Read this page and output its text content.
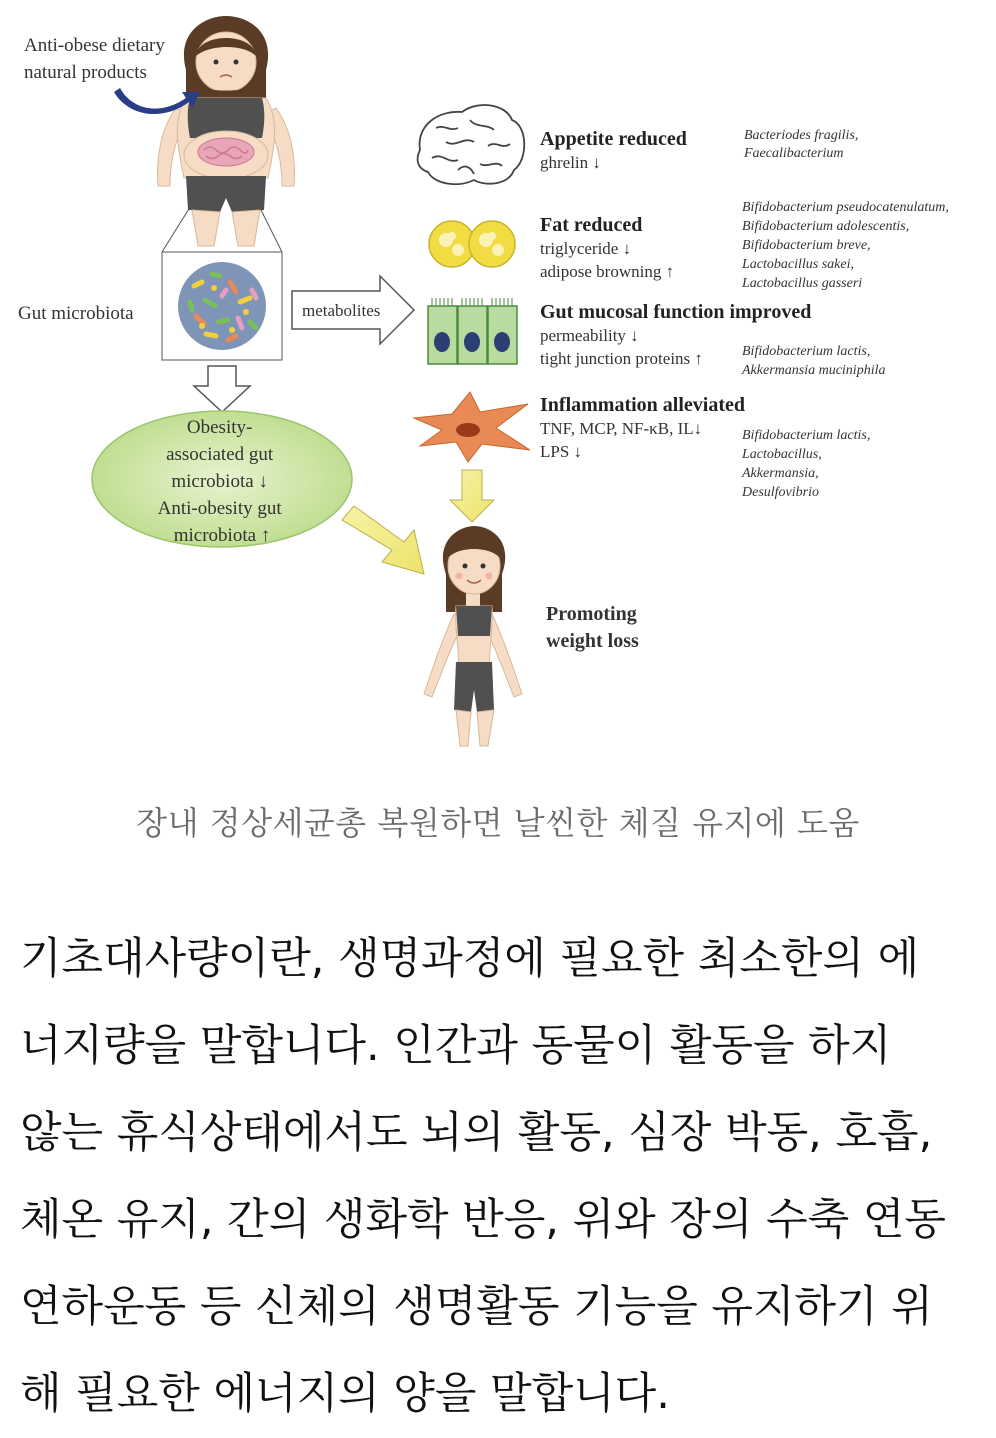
Anti-obese dietary natural products
Gut microbiota	metabolites
Obesity- associated gut microbiota ↓ Anti-obesity gut microbiota ↑
Appetite reduced
ghrelin ↓
Bacteriodes fragilis, Faecalibacterium
Fat reduced
triglyceride ↓ adipose browning ↑
Bifidobacterium pseudocatenulatum, Bifidobacterium adolescentis, Bifidobacterium breve, Lactobacillus sakei, Lactobacillus gasseri
Gut mucosal function improved
permeability ↓ tight junction proteins ↑	Bifidobacterium lactis, Akkermansia muciniphila
Inflammation alleviated
TNF, MCP, NF-κB, IL↓ LPS ↓
Bifidobacterium lactis, Lactobacillus, Akkermansia, Desulfovibrio
Promoting weight loss
장내 정상세균총 복원하면 날씬한 체질 유지에 도움
기초대사량이란, 생명과정에 필요한 최소한의 에
너지량을 말합니다. 인간과 동물이 활동을 하지
않는 휴식상태에서도 뇌의 활동, 심장 박동, 호흡,
체온 유지, 간의 생화학 반응, 위와 장의 수축 연동
연하운동 등 신체의 생명활동 기능을 유지하기 위
해 필요한 에너지의 양을 말합니다.
